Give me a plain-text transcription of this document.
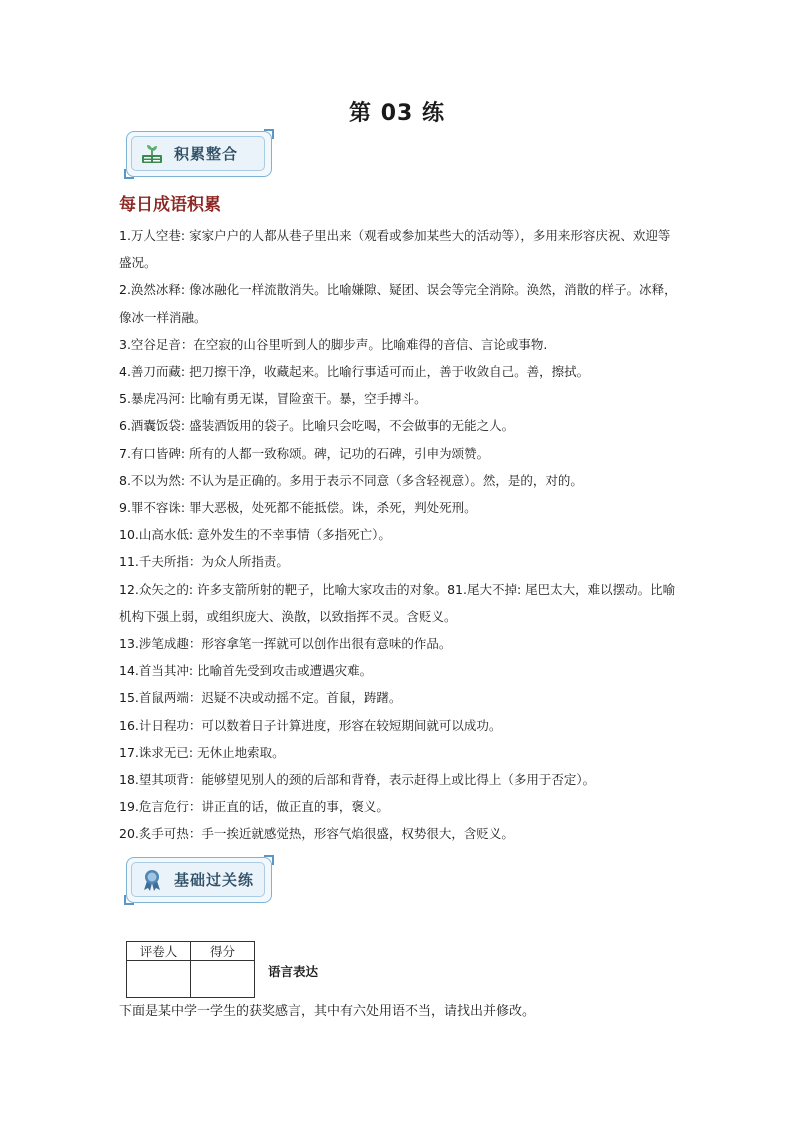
第 03 练
积累整合
每日成语积累
1.万人空巷: 家家户户的人都从巷子里出来（观看或参加某些大的活动等），多用来形容庆祝、欢迎等盛况。
2.涣然冰释: 像冰融化一样流散消失。比喻嫌隙、疑团、误会等完全消除。涣然，消散的样子。冰释，像冰一样消融。
3.空谷足音：在空寂的山谷里听到人的脚步声。比喻难得的音信、言论或事物.
4.善刀而藏: 把刀擦干净，收藏起来。比喻行事适可而止，善于收敛自己。善，擦拭。
5.暴虎冯河: 比喻有勇无谋，冒险蛮干。暴，空手搏斗。
6.酒囊饭袋: 盛装酒饭用的袋子。比喻只会吃喝，不会做事的无能之人。
7.有口皆碑: 所有的人都一致称颂。碑，记功的石碑，引申为颂赞。
8.不以为然: 不认为是正确的。多用于表示不同意（多含轻视意）。然，是的，对的。
9.罪不容诛: 罪大恶极，处死都不能抵偿。诛，杀死，判处死刑。
10.山高水低: 意外发生的不幸事情（多指死亡）。
11.千夫所指：为众人所指责。
12.众矢之的: 许多支箭所射的靶子，比喻大家攻击的对象。81.尾大不掉: 尾巴太大，难以摆动。比喻机构下强上弱，或组织庞大、涣散，以致指挥不灵。含贬义。
13.涉笔成趣：形容拿笔一挥就可以创作出很有意味的作品。
14.首当其冲: 比喻首先受到攻击或遭遇灾难。
15.首鼠两端：迟疑不决或动摇不定。首鼠，踌躇。
16.计日程功：可以数着日子计算进度，形容在较短期间就可以成功。
17.诛求无已: 无休止地索取。
18.望其项背：能够望见别人的颈的后部和背脊，表示赶得上或比得上（多用于否定）。
19.危言危行：讲正直的话，做正直的事，褒义。
20.炙手可热：手一挨近就感觉热，形容气焰很盛，权势很大，含贬义。
基础过关练
评卷人	得分

语言表达
下面是某中学一学生的获奖感言，其中有六处用语不当，请找出并修改。
